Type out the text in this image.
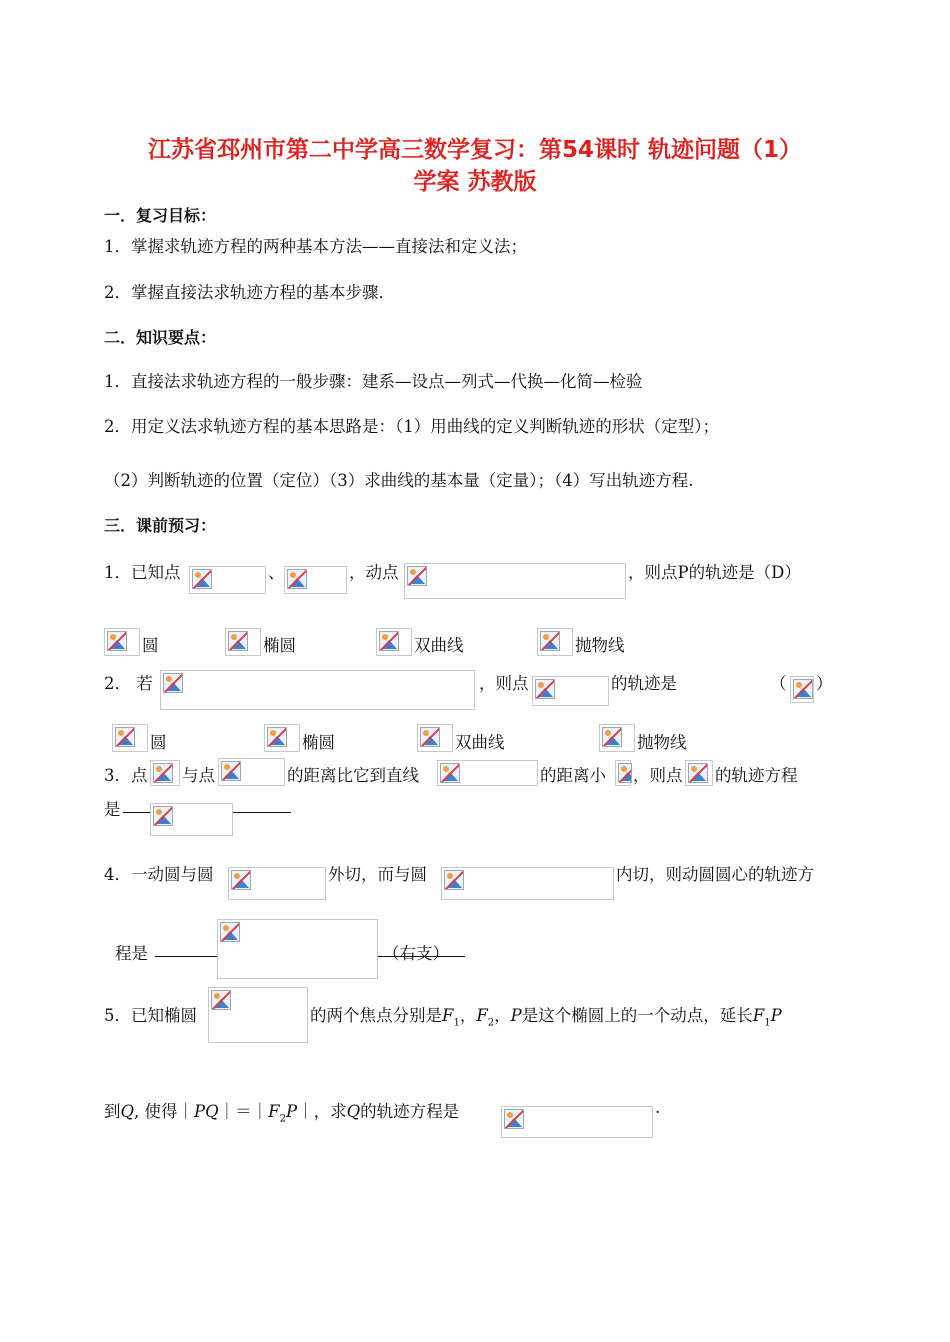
江苏省邳州市第二中学高三数学复习：第54课时 轨迹问题（1）
学案 苏教版
一．复习目标：
1．掌握求轨迹方程的两种基本方法——直接法和定义法；
2．掌握直接法求轨迹方程的基本步骤．
二．知识要点：
1．直接法求轨迹方程的一般步骤：建系—设点—列式—代换—化简—检验
2．用定义法求轨迹方程的基本思路是：（1）用曲线的定义判断轨迹的形状（定型）；
（2）判断轨迹的位置（定位）（3）求曲线的基本量（定量）；（4）写出轨迹方程.
三．课前预习：
1．已知点	、	，动点	，则点P的轨迹是（D）
圆	椭圆	双曲线	抛物线
2． 若	，则点	的轨迹是	（ ）
圆	椭圆	双曲线	抛物线
3．点 与点	的距离比它到直线	的距离小 ，则点 的轨迹方程
是
4．一动圆与圆	外切，而与圆	内切，则动圆圆心的轨迹方
程是	（右支）
5．已知椭圆	的两个焦点分别是$F_1$，$F_2$，P是这个椭圆上的一个动点，延长$F_1P$
到Q, 使得$|PQ|=|F_2P|$，求Q的轨迹方程是	.
